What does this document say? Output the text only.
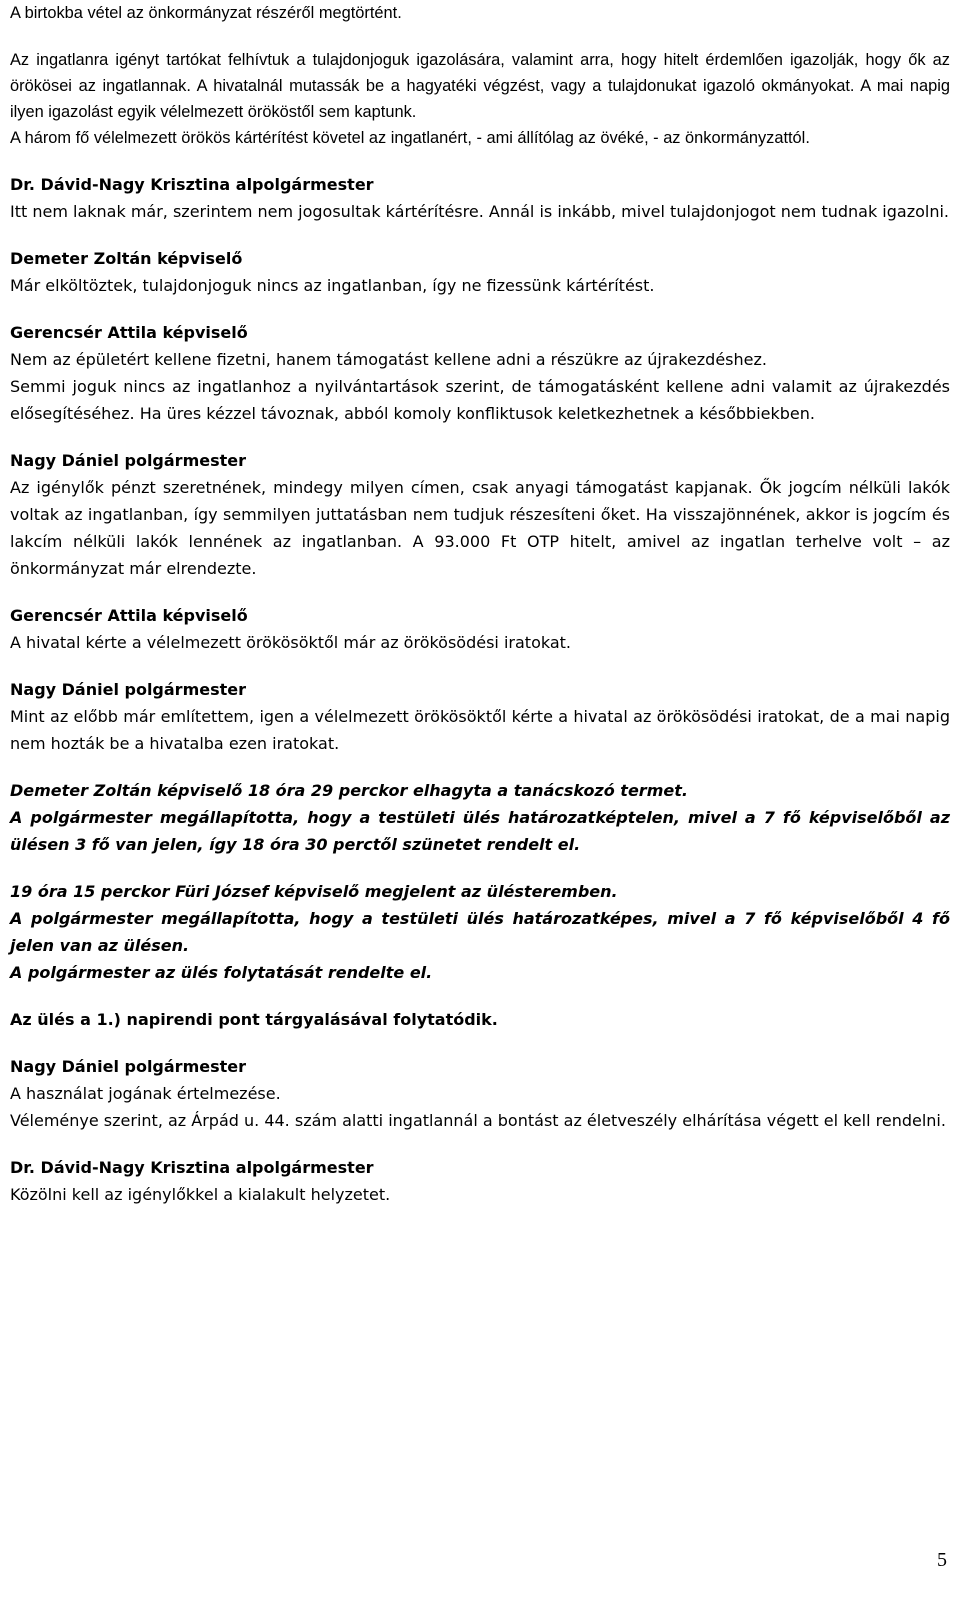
A birtokba vétel az önkormányzat részéről megtörtént.

Az ingatlanra igényt tartókat felhívtuk a tulajdonjoguk igazolására, valamint arra, hogy hitelt érdemlően igazolják, hogy ők az örökösei az ingatlannak. A hivatalnál mutassák be a hagyatéki végzést, vagy a tulajdonukat igazoló okmányokat. A mai napig ilyen igazolást egyik vélelmezett örököstől sem kaptunk.

A három fő vélelmezett örökös kártérítést követel az ingatlanért, - ami állítólag az övéké, - az önkormányzattól.

Dr. Dávid-Nagy Krisztina alpolgármester

Itt nem laknak már, szerintem nem jogosultak kártérítésre. Annál is inkább, mivel tulajdonjogot nem tudnak igazolni.

Demeter Zoltán képviselő

Már elköltöztek, tulajdonjoguk nincs az ingatlanban, így ne fizessünk kártérítést.

Gerencsér Attila képviselő

Nem az épületért kellene fizetni, hanem támogatást kellene adni a részükre az újrakezdéshez.

Semmi joguk nincs az ingatlanhoz a nyilvántartások szerint, de támogatásként kellene adni valamit az újrakezdés elősegítéséhez. Ha üres kézzel távoznak, abból komoly konfliktusok keletkezhetnek a későbbiekben.

Nagy Dániel polgármester

Az igénylők pénzt szeretnének, mindegy milyen címen, csak anyagi támogatást kapjanak. Ők jogcím nélküli lakók voltak az ingatlanban, így semmilyen juttatásban nem tudjuk részesíteni őket. Ha visszajönnének, akkor is jogcím és lakcím nélküli lakók lennének az ingatlanban. A 93.000 Ft OTP hitelt, amivel az ingatlan terhelve volt – az önkormányzat már elrendezte.

Gerencsér Attila képviselő

A hivatal kérte a vélelmezett örökösöktől már az örökösödési iratokat.

Nagy Dániel polgármester

Mint az előbb már említettem, igen a vélelmezett örökösöktől kérte a hivatal az örökösödési iratokat, de a mai napig nem hozták be a hivatalba ezen iratokat.

Demeter Zoltán képviselő 18 óra 29 perckor elhagyta a tanácskozó termet.

A polgármester megállapította, hogy a testületi ülés határozatképtelen, mivel a 7 fő képviselőből az ülésen 3 fő van jelen, így 18 óra 30 perctől szünetet rendelt el.

19 óra 15 perckor Füri József képviselő megjelent az ülésteremben.

A polgármester megállapította, hogy a testületi ülés határozatképes, mivel a 7 fő képviselőből 4 fő jelen van az ülésen.

A polgármester az ülés folytatását rendelte el.

Az ülés a 1.) napirendi pont tárgyalásával folytatódik.

Nagy Dániel polgármester

A használat jogának értelmezése.

Véleménye szerint, az Árpád u. 44. szám alatti ingatlannál a bontást az életveszély elhárítása végett el kell rendelni.

Dr. Dávid-Nagy Krisztina alpolgármester

Közölni kell az igénylőkkel a kialakult helyzetet.

5
